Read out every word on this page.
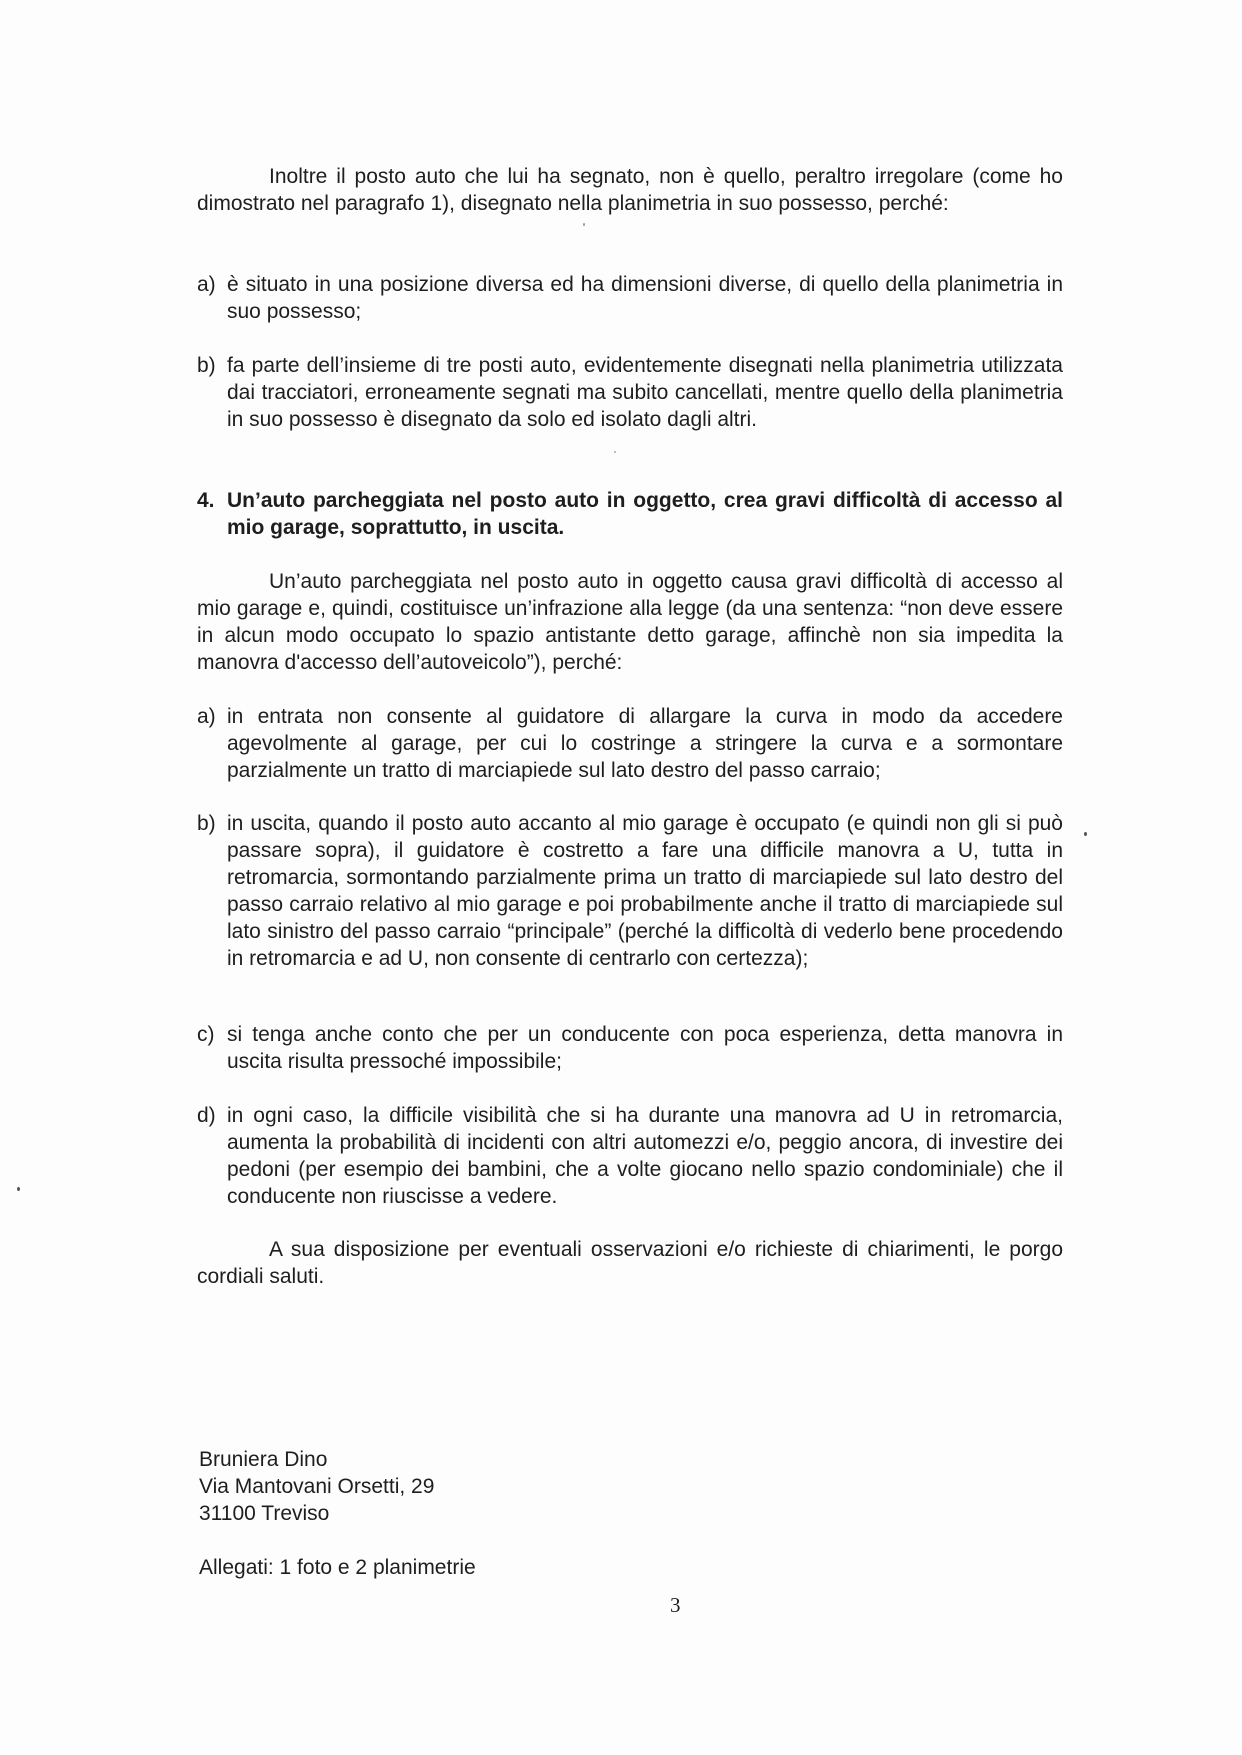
Inoltre il posto auto che lui ha segnato, non è quello, peraltro irregolare (come ho dimostrato nel paragrafo 1), disegnato nella planimetria in suo possesso, perché:
a) è situato in una posizione diversa ed ha dimensioni diverse, di quello della planimetria in suo possesso;
b) fa parte dell’insieme di tre posti auto, evidentemente disegnati nella planimetria utilizzata dai tracciatori, erroneamente segnati ma subito cancellati, mentre quello della planimetria in suo possesso è disegnato da solo ed isolato dagli altri.
4. Un’auto parcheggiata nel posto auto in oggetto, crea gravi difficoltà di accesso al mio garage, soprattutto, in uscita.
Un’auto parcheggiata nel posto auto in oggetto causa gravi difficoltà di accesso al mio garage e, quindi, costituisce un’infrazione alla legge (da una sentenza: “non deve essere in alcun modo occupato lo spazio antistante detto garage, affinchè non sia impedita la manovra d'accesso dell’autoveicolo”), perché:
a) in entrata non consente al guidatore di allargare la curva in modo da accedere agevolmente al garage, per cui lo costringe a stringere la curva e a sormontare parzialmente un tratto di marciapiede sul lato destro del passo carraio;
b) in uscita, quando il posto auto accanto al mio garage è occupato (e quindi non gli si può passare sopra), il guidatore è costretto a fare una difficile manovra a U, tutta in retromarcia, sormontando parzialmente prima un tratto di marciapiede sul lato destro del passo carraio relativo al mio garage e poi probabilmente anche il tratto di marciapiede sul lato sinistro del passo carraio “principale” (perché la difficoltà di vederlo bene procedendo in retromarcia e ad U, non consente di centrarlo con certezza);
c) si tenga anche conto che per un conducente con poca esperienza, detta manovra in uscita risulta pressoché impossibile;
d) in ogni caso, la difficile visibilità che si ha durante una manovra ad U in retromarcia, aumenta la probabilità di incidenti con altri automezzi e/o, peggio ancora, di investire dei pedoni (per esempio dei bambini, che a volte giocano nello spazio condominiale) che il conducente non riuscisse a vedere.
A sua disposizione per eventuali osservazioni e/o richieste di chiarimenti, le porgo cordiali saluti.
Bruniera Dino
Via Mantovani Orsetti, 29
31100 Treviso
Allegati: 1 foto e 2 planimetrie
3
